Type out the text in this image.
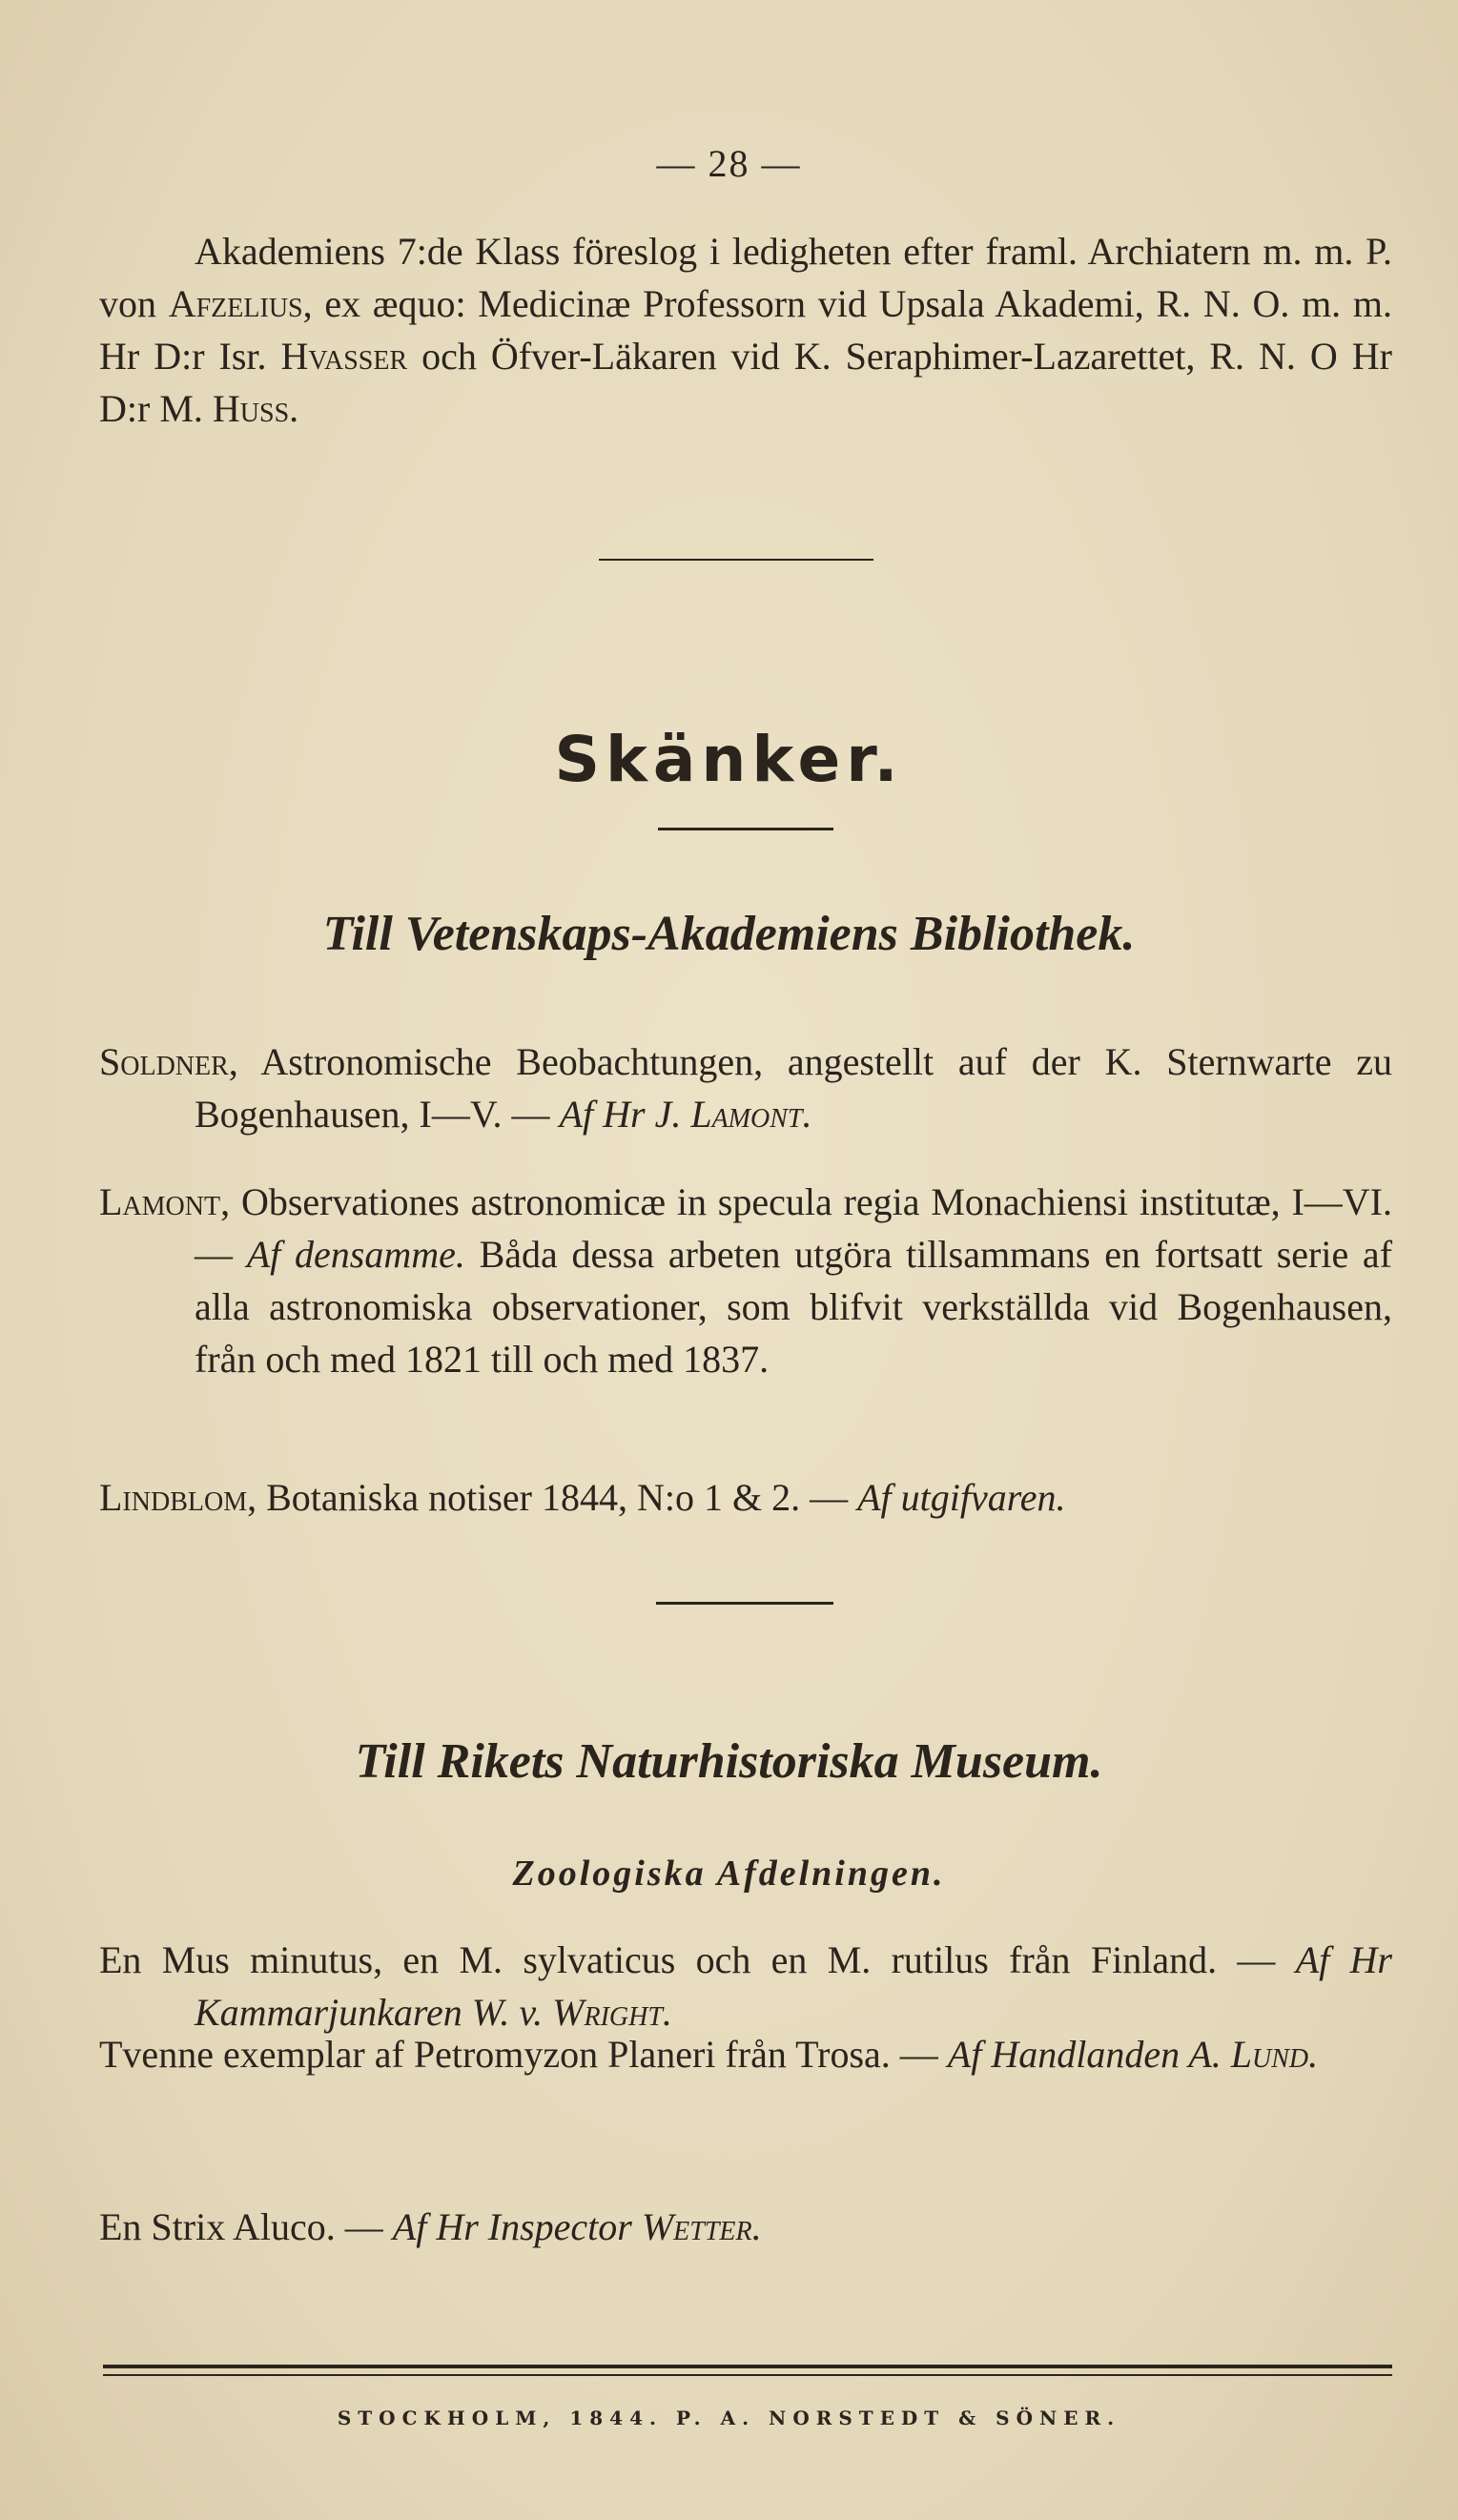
— 28 —

Akademiens 7:de Klass föreslog i ledigheten efter framl. Archiatern m. m. P. von Afzelius, ex æquo: Medicinæ Professorn vid Upsala Akademi, R. N. O. m. m. Hr D:r Isr. Hvasser och Öfver-Läkaren vid K. Seraphimer-Lazarettet, R. N. O Hr D:r M. Huss.

Skänker.
Till Vetenskaps-Akademiens Bibliothek.

Soldner, Astronomische Beobachtungen, angestellt auf der K. Sternwarte zu Bogenhausen, I—V. — Af Hr J. Lamont.

Lamont, Observationes astronomicæ in specula regia Monachiensi institutæ, I—VI. — Af densamme. Båda dessa arbeten utgöra tillsammans en fortsatt serie af alla astronomiska observationer, som blifvit verkställda vid Bogenhausen, från och med 1821 till och med 1837.

Lindblom, Botaniska notiser 1844, N:o 1 & 2. — Af utgifvaren.

Till Rikets Naturhistoriska Museum.
Zoologiska Afdelningen.

En Mus minutus, en M. sylvaticus och en M. rutilus från Finland. — Af Hr Kammarjunkaren W. v. Wright.

Tvenne exemplar af Petromyzon Planeri från Trosa. — Af Handlanden A. Lund.

En Strix Aluco. — Af Hr Inspector Wetter.

STOCKHOLM, 1844. P. A. NORSTEDT & SÖNER.
